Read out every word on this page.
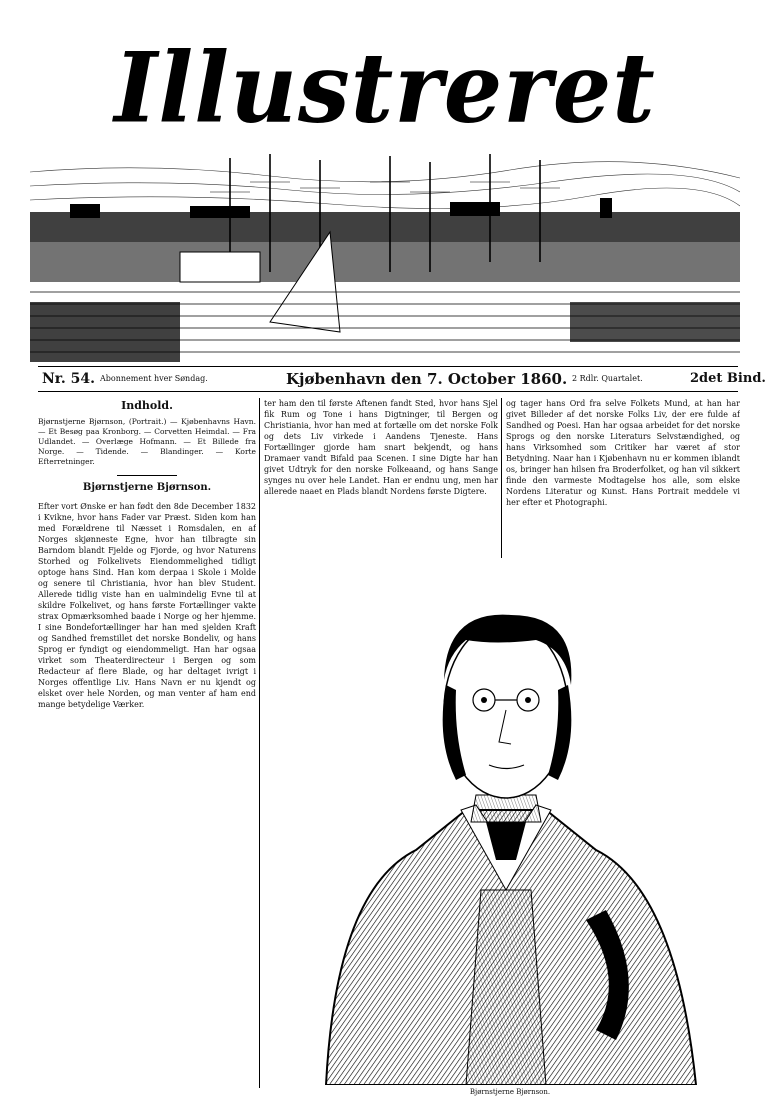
Illustreret
Nr. 54. Abonnement hver Søndag.	Kjøbenhavn den 7. October 1860. 2 Rdlr. Quartalet.	2det Bind.
Indhold.
Bjørnstjerne Bjørnson, (Portrait.) — Kjøbenhavns Havn. — Et Besøg paa Kronborg. — Corvetten Heimdal. — Fra Udlandet. — Overlæge Hofmann. — Et Billede fra Norge. — Tidende. — Blandinger. — Korte Efterretninger.
Bjørnstjerne Bjørnson.
Efter vort Ønske er han født den 8de December 1832 i Kvikne, hvor hans Fader var Præst. Siden kom han med Forældrene til Næsset i Romsdalen, en af Norges skjønneste Egne, hvor han tilbragte sin Barndom blandt Fjelde og Fjorde, og hvor Naturens Storhed og Folkelivets Eiendommelighed tidligt optoge hans Sind. Han kom derpaa i Skole i Molde og senere til Christiania, hvor han blev Student. Allerede tidlig viste han en ualmindelig Evne til at skildre Folkelivet, og hans første Fortællinger vakte strax Opmærksomhed baade i Norge og her hjemme. I sine Bondefortællinger har han med sjelden Kraft og Sandhed fremstillet det norske Bondeliv, og hans Sprog er fyndigt og eiendommeligt. Han har ogsaa virket som Theaterdirecteur i Bergen og som Redacteur af flere Blade, og har deltaget ivrigt i Norges offentlige Liv. Hans Navn er nu kjendt og elsket over hele Norden, og man venter af ham end mange betydelige Værker.
ter ham den til første Aftenen fandt Sted, hvor hans Sjel fik Rum og Tone i hans Digtninger, til Bergen og Christiania, hvor han med at fortælle om det norske Folk og dets Liv virkede i Aandens Tjeneste. Hans Fortællinger gjorde ham snart bekjendt, og hans Dramaer vandt Bifald paa Scenen. I sine Digte har han givet Udtryk for den norske Folkeaand, og hans Sange synges nu over hele Landet. Han er endnu ung, men har allerede naaet en Plads blandt Nordens første Digtere.
og tager hans Ord fra selve Folkets Mund, at han har givet Billeder af det norske Folks Liv, der ere fulde af Sandhed og Poesi. Han har ogsaa arbeidet for det norske Sprogs og den norske Literaturs Selvstændighed, og hans Virksomhed som Critiker har været af stor Betydning. Naar han i Kjøbenhavn nu er kommen iblandt os, bringer han hilsen fra Broderfolket, og han vil sikkert finde den varmeste Modtagelse hos alle, som elske Nordens Literatur og Kunst. Hans Portrait meddele vi her efter et Photographi.
Bjørnstjerne Bjørnson.
